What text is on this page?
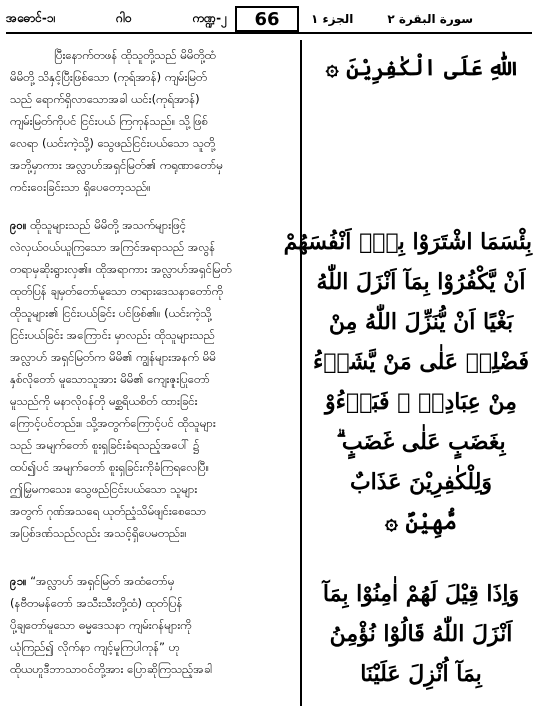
အဓောင်-၁၊	ဂါ၀	ကဏ္ဍ-၂	66	سورة البقرة ٢
الجزء ١
اللّٰهِ عَلَى الْكٰفِرِيْنَ ۞

ပြီးနောက်တဖန် ထိုသူတို့သည် မိမိတို့ထံ

မိမိတို့ သိနှင့်ပြီးဖြစ်သော (ကုရ်အာန်) ကျမ်းမြတ်

သည် ရောက်ရှိလာသောအခါ ယင်း(ကုရ်အာန်)

ကျမ်းမြတ်ကိုပင် ငြင်းပယ် ကြကုန်သည်။ သို့ဖြစ်

လေရာ (ယင်းကဲ့သို့) သွေဖည်ငြင်းပယ်သော သူတို့

အဘို့မှာကား အလ္လာဟ်အရှင်မြတ်၏ ကရုဏာတော်မှ

ကင်းဝေးခြင်းသာ ရှိပေတော့သည်။

بِئْسَمَا اشْتَرَوْا بِهٖٓ اَنْفُسَهُمْ
اَنْ يَّكْفُرُوْا بِمَآ اَنْزَلَ اللّٰهُ
بَغْيًا اَنْ يُّنَزِّلَ اللّٰهُ مِنْ
فَضْلِهٖ عَلٰى مَنْ يَّشَاۤءُ
مِنْ عِبَادِهٖ ۚ فَبَاۤءُوْ
بِغَضَبٍ عَلٰى غَضَبٍ ۗ
وَلِلْكٰفِرِيْنَ عَذَابٌ
مُّهِيْنٌ ۞

၉၀။ ထိုသူများသည် မိမိတို့ အသက်များဖြင့်

လဲလှယ်ဝယ်ယူကြသော အကြင်အရာသည် အလွန်

တရာမှဆိုးရွားလှ၏။ ထိုအရာကား အလ္လာဟ်အရှင်မြတ်

ထုတ်ပြန် ချမှတ်တော်မူသော တရားဒေသနာတော်ကို

ထိုသူများ၏ ငြင်းပယ်ခြင်း ပင်ဖြစ်၏။ (ယင်းကဲ့သို့

ငြင်းပယ်ခြင်း အကြောင်း မှာလည်း ထိုသူများသည်

အလ္လာဟ် အရှင်မြတ်က မိမိ၏ ကျွန်များအနက် မိမိ

နှစ်လိုတော် မူသောသူအား မိမိ၏ ကျေးဇူးပြုတော်

မူသည်ကို မနာလိုဝန်တို မစ္ဆရိယစိတ် ထားခြင်း

ကြောင့်ပင်တည်း။ သို့အတွက်ကြောင့်ပင် ထိုသူများ

သည် အမျက်တော် စူးရှခြင်းခံရသည့်အပေါ် ၌

ထပ်၍ပင် အမျက်တော် စူးရှခြင်းကိုခံကြရလေပြီ။

ဤမြှမကသေး၊ သွေဖည်ငြင်းပယ်သော သူများ

အတွက် ဂုဏ်အသရေ ယုတ်ညံ့သိမ်ဖျင်းစေသော

အပြစ်ဒဏ်သည်လည်း အသင့်ရှိပေမတည်း။

وَاِذَا قِيْلَ لَهُمْ اٰمِنُوْا بِمَآ
اَنْزَلَ اللّٰهُ قَالُوْا نُؤْمِنُ
بِمَآ اُنْزِلَ عَلَيْنَا

၉၁။ “အလ္လာဟ် အရှင်မြတ် အထံတော်မှ

(နဗီတမန်တော် အသီးသီးတို့ထံ) ထုတ်ပြန်

ပို့ချတော်မူသော ဓမ္မဒေသနာ ကျမ်းဂန်များကို

ယုံကြည်၍ လိုက်နာ ကျင့်မူကြပါကုန်” ဟု

ထိုယဟူဒီဘာသာဝင်တို့အား ပြောဆိုကြသည့်အခါ
